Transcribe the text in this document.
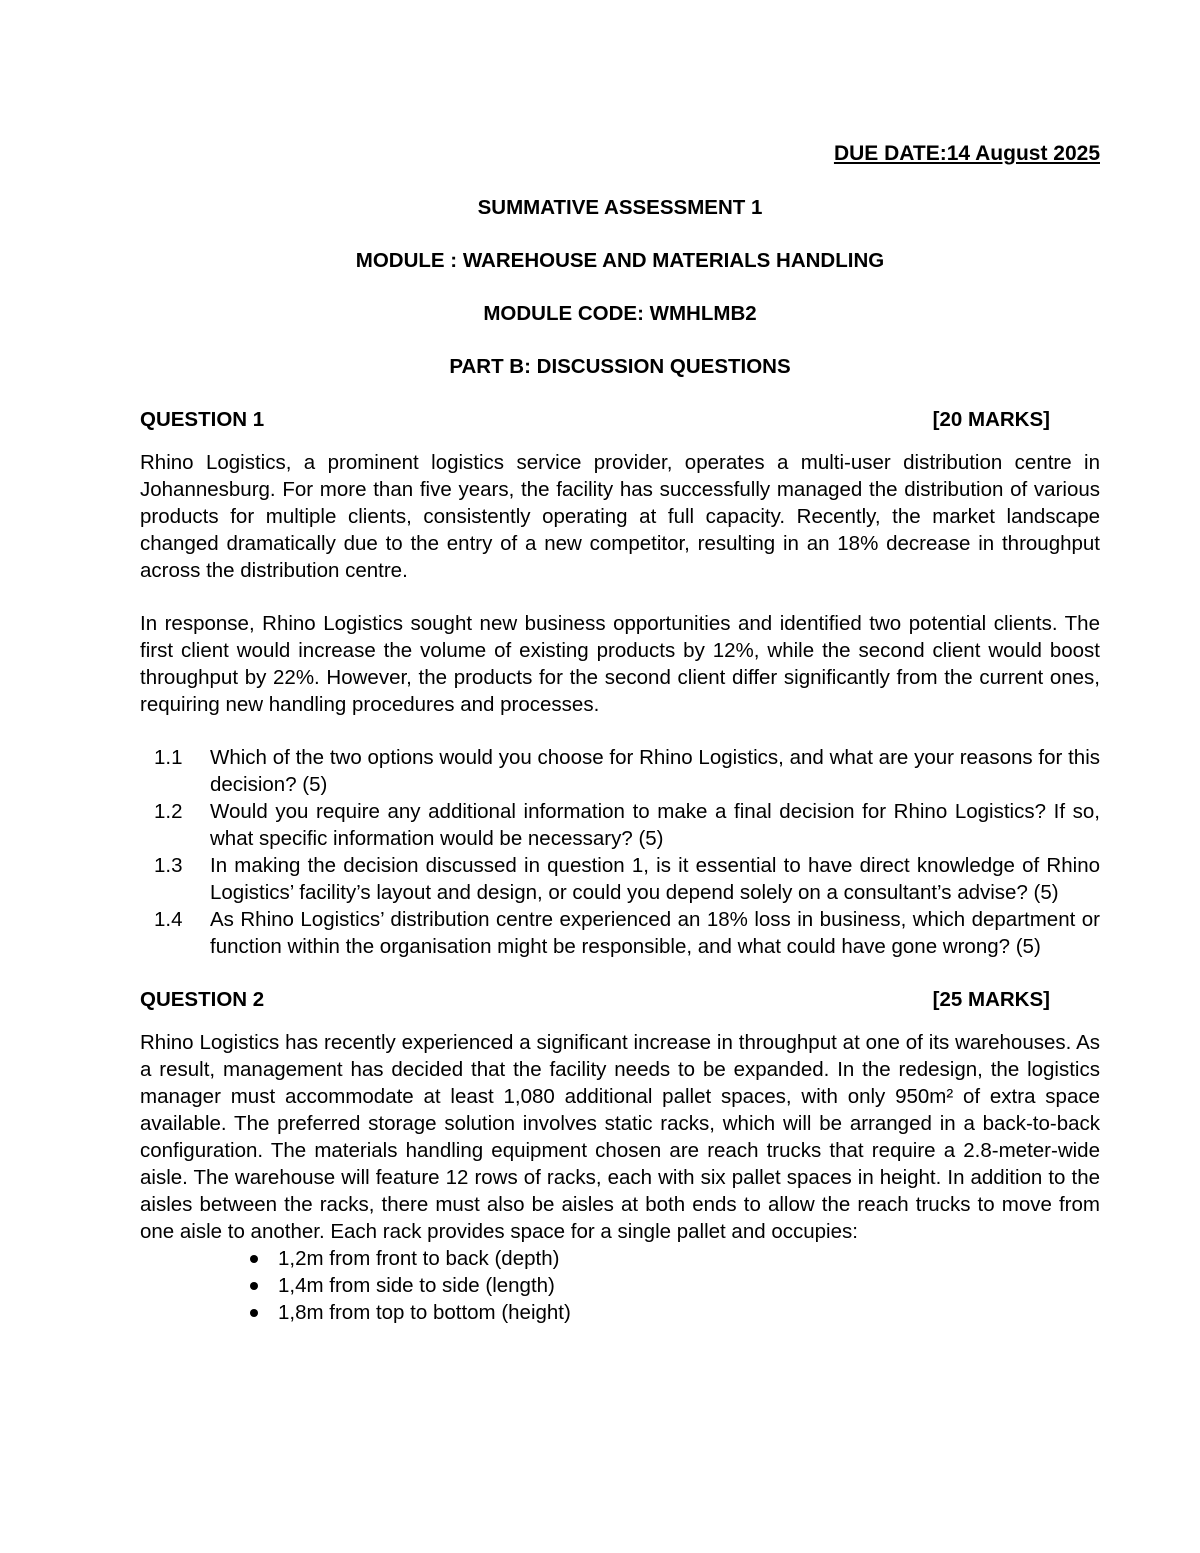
DUE DATE:14 August 2025
SUMMATIVE ASSESSMENT 1
MODULE : WAREHOUSE AND MATERIALS HANDLING
MODULE CODE: WMHLMB2
PART B: DISCUSSION QUESTIONS
QUESTION 1	[20 MARKS]

Rhino Logistics, a prominent logistics service provider, operates a multi-user distribution centre in Johannesburg. For more than five years, the facility has successfully managed the distribution of various products for multiple clients, consistently operating at full capacity. Recently, the market landscape changed dramatically due to the entry of a new competitor, resulting in an 18% decrease in throughput across the distribution centre.

In response, Rhino Logistics sought new business opportunities and identified two potential clients. The first client would increase the volume of existing products by 12%, while the second client would boost throughput by 22%. However, the products for the second client differ significantly from the current ones, requiring new handling procedures and processes.

1.1	Which of the two options would you choose for Rhino Logistics, and what are your reasons for this decision? (5)
1.2	Would you require any additional information to make a final decision for Rhino Logistics? If so, what specific information would be necessary? (5)
1.3	In making the decision discussed in question 1, is it essential to have direct knowledge of Rhino Logistics’ facility’s layout and design, or could you depend solely on a consultant’s advise? (5)
1.4	As Rhino Logistics’ distribution centre experienced an 18% loss in business, which department or function within the organisation might be responsible, and what could have gone wrong? (5)
QUESTION 2	[25 MARKS]

Rhino Logistics has recently experienced a significant increase in throughput at one of its warehouses. As a result, management has decided that the facility needs to be expanded. In the redesign, the logistics manager must accommodate at least 1,080 additional pallet spaces, with only 950m² of extra space available. The preferred storage solution involves static racks, which will be arranged in a back-to-back configuration. The materials handling equipment chosen are reach trucks that require a 2.8-meter-wide aisle. The warehouse will feature 12 rows of racks, each with six pallet spaces in height. In addition to the aisles between the racks, there must also be aisles at both ends to allow the reach trucks to move from one aisle to another. Each rack provides space for a single pallet and occupies:

1,2m from front to back (depth)
1,4m from side to side (length)
1,8m from top to bottom (height)
